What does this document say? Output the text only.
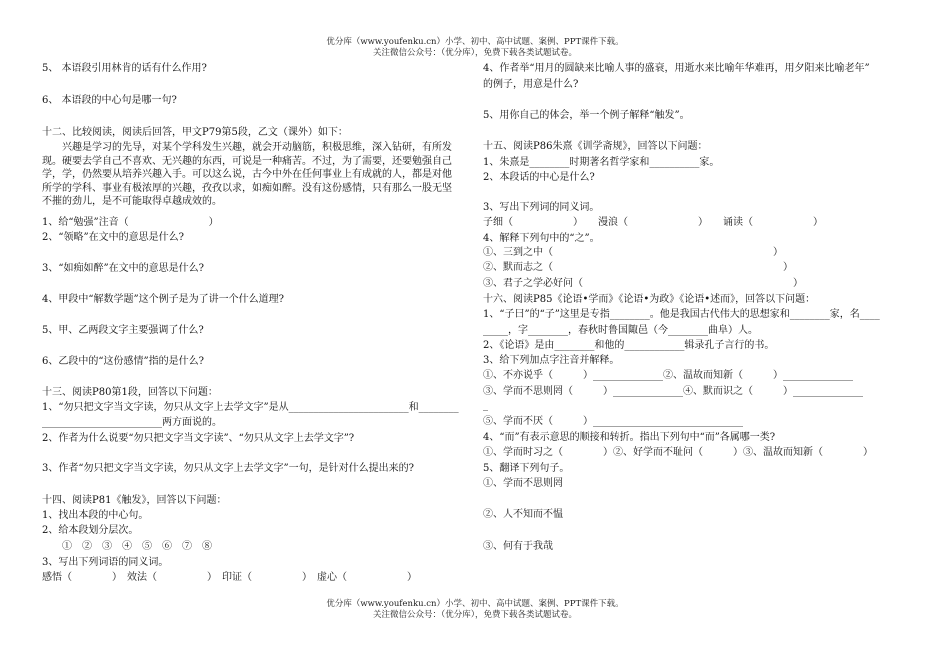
优分库（www.youfenku.cn）小学、初中、高中试题、案例、PPT课件下载。
关注微信公众号：（优分库），免费下载各类试题试卷。
5、 本语段引用林肯的话有什么作用?
6、 本语段的中心句是哪一句?
十二、比较阅读，阅读后回答，甲文P79第5段，乙文（课外）如下：
　　兴趣是学习的先导，对某个学科发生兴趣，就会开动脑筋，积极思维，深入钻研，有所发现。硬要去学自己不喜欢、无兴趣的东西，可说是一种痛苦。不过，为了需要，还要勉强自己学，学，仍然要从培养兴趣入手。可以这么说，古今中外在任何事业上有成就的人，都是对他所学的学科、事业有极浓厚的兴趣，孜孜以求，如痴如醉。没有这份感情，只有那么一股无坚不摧的劲儿，是不可能取得卓越成效的。
1、给“勉强”注音（　　　　　　　　）
2、“领略”在文中的意思是什么?
3、“如痴如醉”在文中的意思是什么?
4、甲段中“解数学题”这个例子是为了讲一个什么道理?
5、甲、乙两段文字主要强调了什么?
6、乙段中的“这份感情”指的是什么?
十三、阅读P80第1段，回答以下问题：
1、“勿只把文字当文字读，勿只从文字上去学文字”是从________________________和________
________________________两方面说的。
2、作者为什么说要“勿只把文字当文字读”、“勿只从文字上去学文字”?
3、作者“勿只把文字当文字读，勿只从文字上去学文字”一句，是针对什么提出来的?
十四、阅读P81《触发》，回答以下问题：
1、找出本段的中心句。
2、给本段划分层次。
　　①　②　③　④　⑤　⑥　⑦　⑧
3、写出下列词语的同义词。
感悟（　　　　）　效法（　　　　　）　印证（　　　　　）　虚心（　　　　　　）
4、作者举“用月的圆缺来比喻人事的盛衰，用逝水来比喻年华难再，用夕阳来比喻老年”
的例子，用意是什么?
5、用你自己的体会，举一个例子解释“触发”。
十五、阅读P86朱熹《训学斋规》，回答以下问题：
1、朱熹是________时期著名哲学家和__________家。
2、本段话的中心是什么?
3、写出下列词的同义词。
子细（　　　　　　）　　漫浪（　　　　　　　）　　诵读（　　　　　　）
4、解释下列句中的“之”。
①、三到之中（　　　　　　　　　　　　　　　　　　　　　　）
②、默而志之（　　　　　　　　　　　　　　　　　　　　　　　）
③、君子之学必好问（　　　　　　　　　　　　　　　　　　　　　）
十六、阅读P85《论语•学而》《论语•为政》《论语•述而》，回答以下问题：
1、“子曰”的“子”这里是专指________。他是我国古代伟大的思想家和________家，名____
_____，字________，春秋时鲁国陬邑（今________曲阜）人。
2、《论语》是由________和他的____________辑录孔子言行的书。
3、给下列加点字注音并解释。
①、不亦说乎（　　　）______________②、温故而知新（　　　）______________
③、学而不思则罔（　　　）______________④、默而识之（　　　）______________
_
⑤、学而不厌（　　　）______________________________
4、“而”有表示意思的顺接和转折。指出下列句中“而”各属哪一类?
①、学而时习之（　　　　）②、好学而不耻问（　　　）③、温故而知新（　　　　）
5、翻译下列句子。
①、学而不思则罔
②、人不知而不愠
③、何有于我哉
优分库（www.youfenku.cn）小学、初中、高中试题、案例、PPT课件下载。
关注微信公众号：（优分库），免费下载各类试题试卷。
